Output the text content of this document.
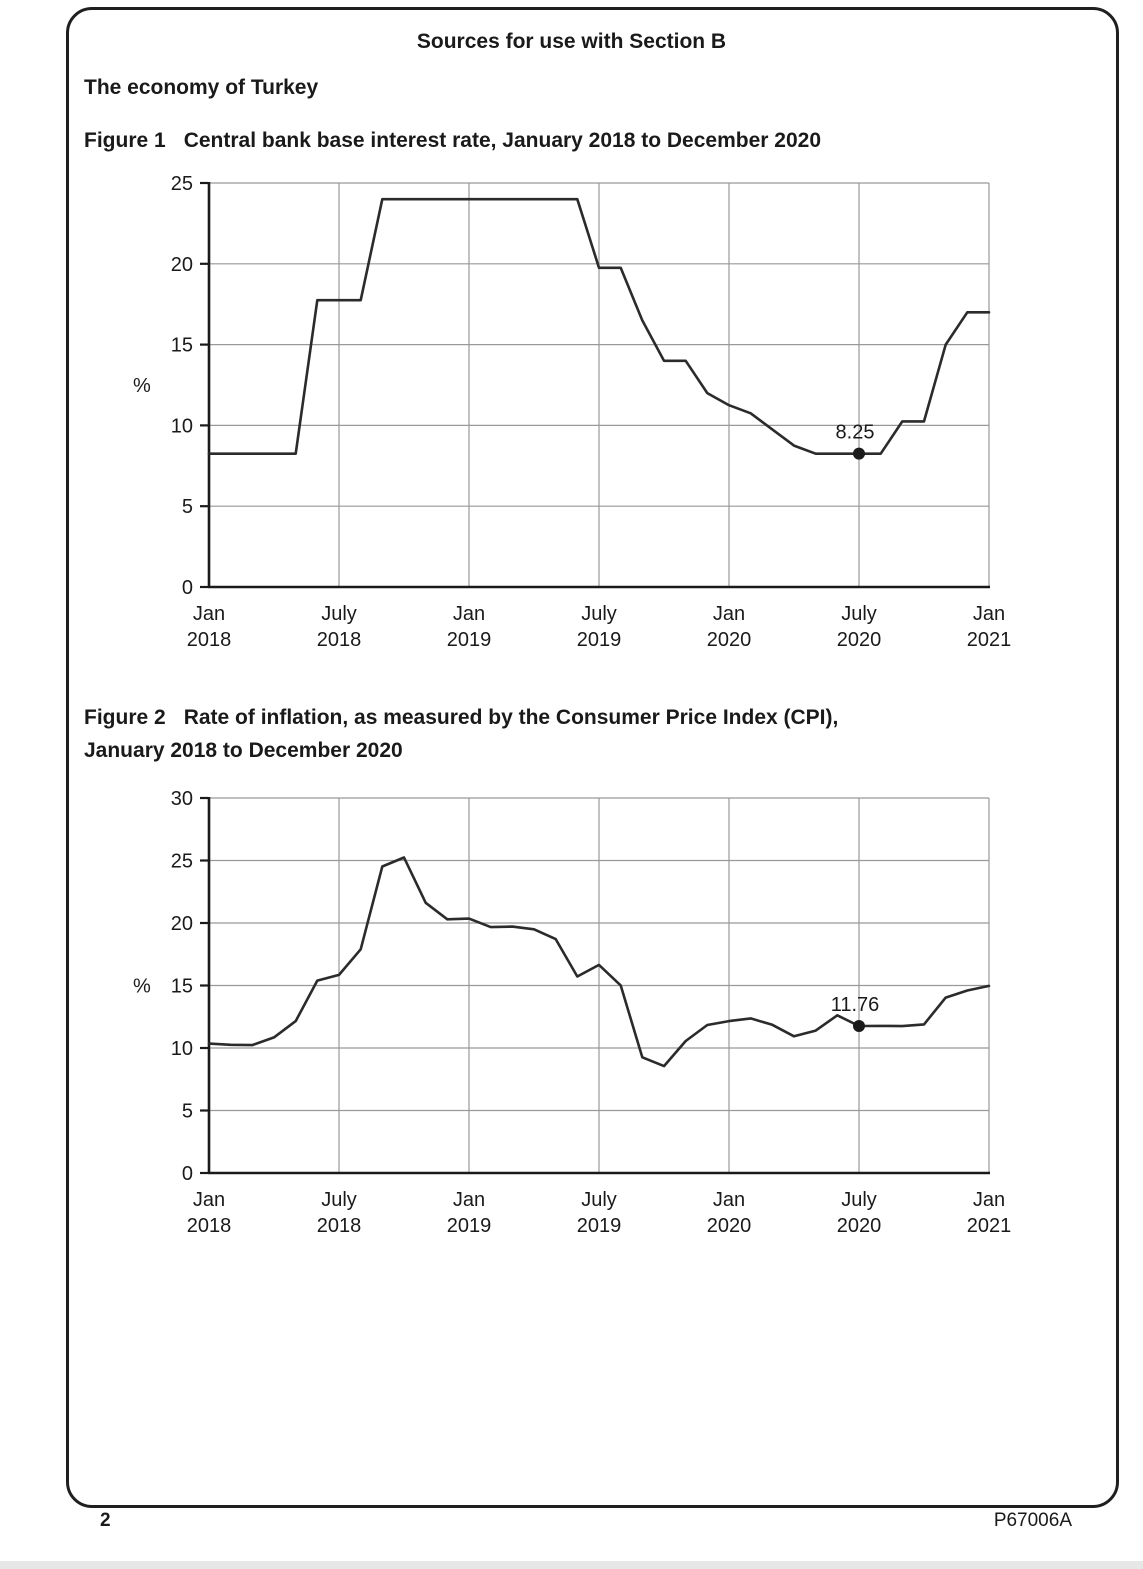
Sources for use with Section B
The economy of Turkey
Figure 1 Central bank base interest rate, January 2018 to December 2020
0
5
10
15
20
25
Jan
2018
July
2018
Jan
2019
July
2019
Jan
2020
July
2020
Jan
2021
%
8.25
Figure 2 Rate of inflation, as measured by the Consumer Price Index (CPI),
January 2018 to December 2020
0
5
10
15
20
25
30
Jan
2018
July
2018
Jan
2019
July
2019
Jan
2020
July
2020
Jan
2021
%
11.76
2	P67006A
